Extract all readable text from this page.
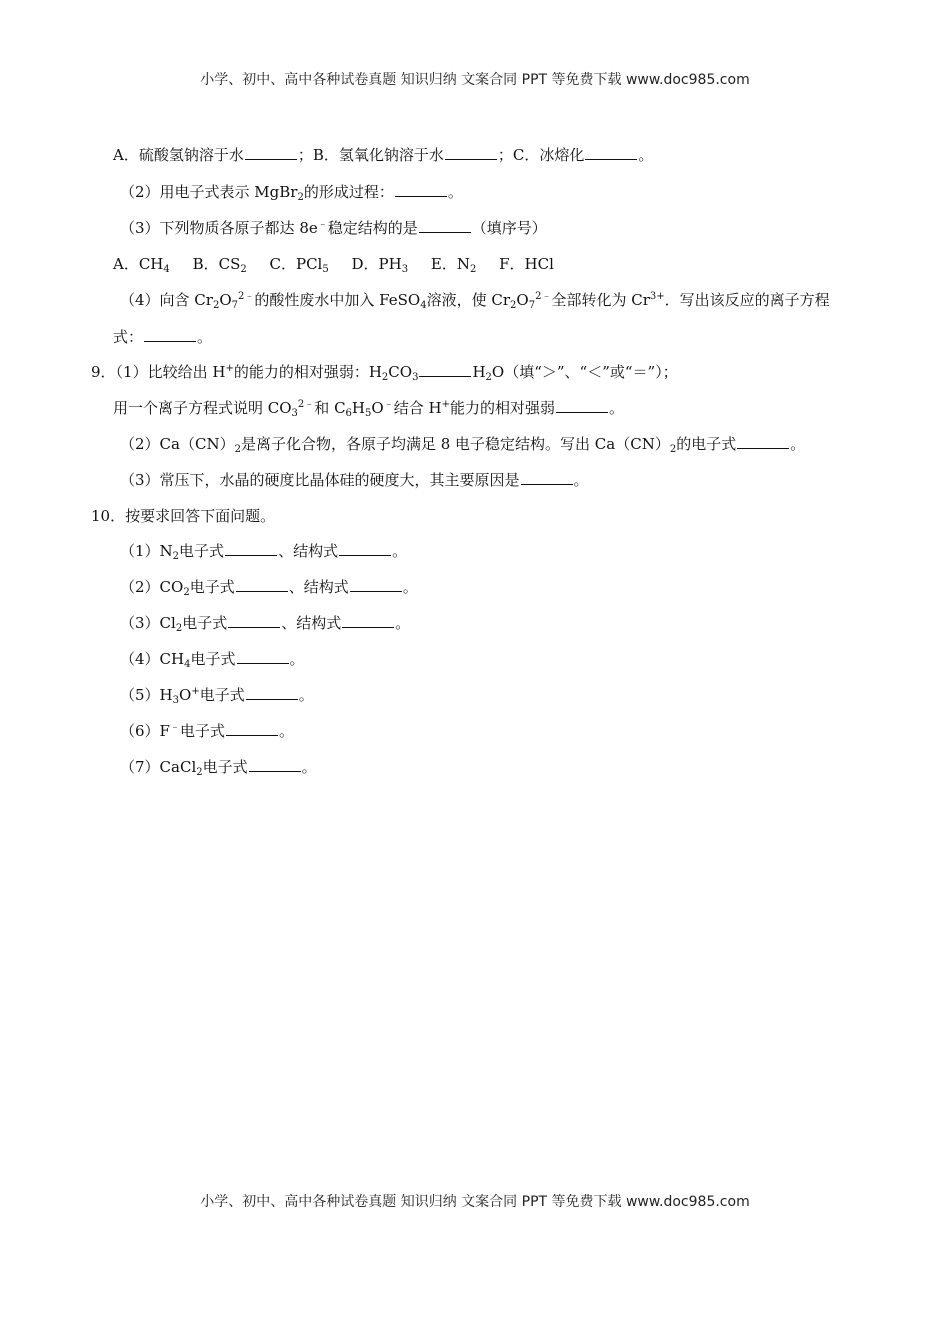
小学、初中、高中各种试卷真题 知识归纳 文案合同 PPT 等免费下载 www.doc985.com
A．硫酸氢钠溶于水	；B．氢氧化钠溶于水	；C．冰熔化	。
（2）用电子式表示 MgBr$_2$的形成过程：	。
（3）下列物质各原子都达 8e﹣稳定结构的是	（填序号）
A．$CH_4$ B．$CS_2$ C．PCl$_5$ D．$PH_3$ E．$N_2$ F．HCl
（4）向含 $Cr_2O_7^{2﹣}$的酸性废水中加入 FeSO$_4$溶液，使 $Cr_2O_7^{2﹣}$全部转化为 $Cr^{3+}$．写出该反应的离子方程
式：	。
9．（1）比较给出 H+的能力的相对强弱：$H_2CO_3$	$H_2O$（填“＞”、“＜”或“＝”）；
用一个离子方程式说明 $CO_3^{2﹣}$和 $C_6H_5O^﹣$结合 H+能力的相对强弱	。
$(2)Ca(CN)_2$是离子化合物，各原子均满足 8 电子稳定结构。写出 $Ca(CN)_2$的电子式	。
（3）常压下，水晶的硬度比晶体硅的硬度大，其主要原因是	。
10．按要求回答下面问题。
$(1)N_2$电子式	、结构式	。
$(2)CO_2$电子式	、结构式	。
$(3)Cl_2$电子式	、结构式	。
$(4)CH_4$电子式	。
$(5)H_3O^+$电子式	。
（6）F﹣电子式	。
（7）CaCl$_2$电子式	。
小学、初中、高中各种试卷真题 知识归纳 文案合同 PPT 等免费下载 www.doc985.com
